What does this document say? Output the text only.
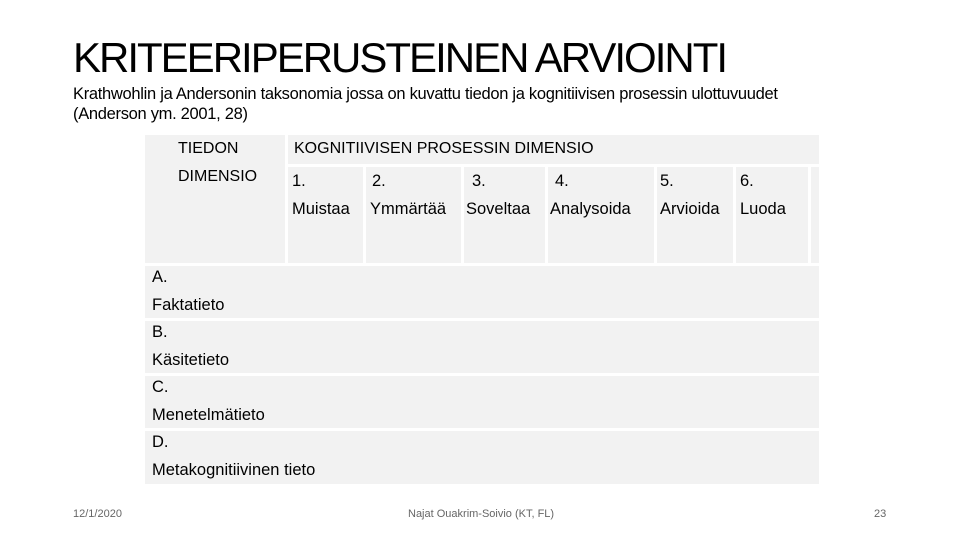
KRITEERIPERUSTEINEN ARVIOINTI
Krathwohlin ja Andersonin taksonomia jossa on kuvattu tiedon ja kognitiivisen prosessin ulottuvuudet (Anderson ym. 2001, 28)
TIEDON
DIMENSIO
KOGNITIIVISEN PROSESSIN DIMENSIO
1.
Muistaa
2.
Ymmärtää
3.
Soveltaa
4.
Analysoida
5.
Arvioida
6.
Luoda
A.
Faktatieto
B.
Käsitetieto
C.
Menetelmätieto
D.
Metakognitiivinen tieto
12/1/2020	Najat Ouakrim-Soivio (KT, FL)	23
